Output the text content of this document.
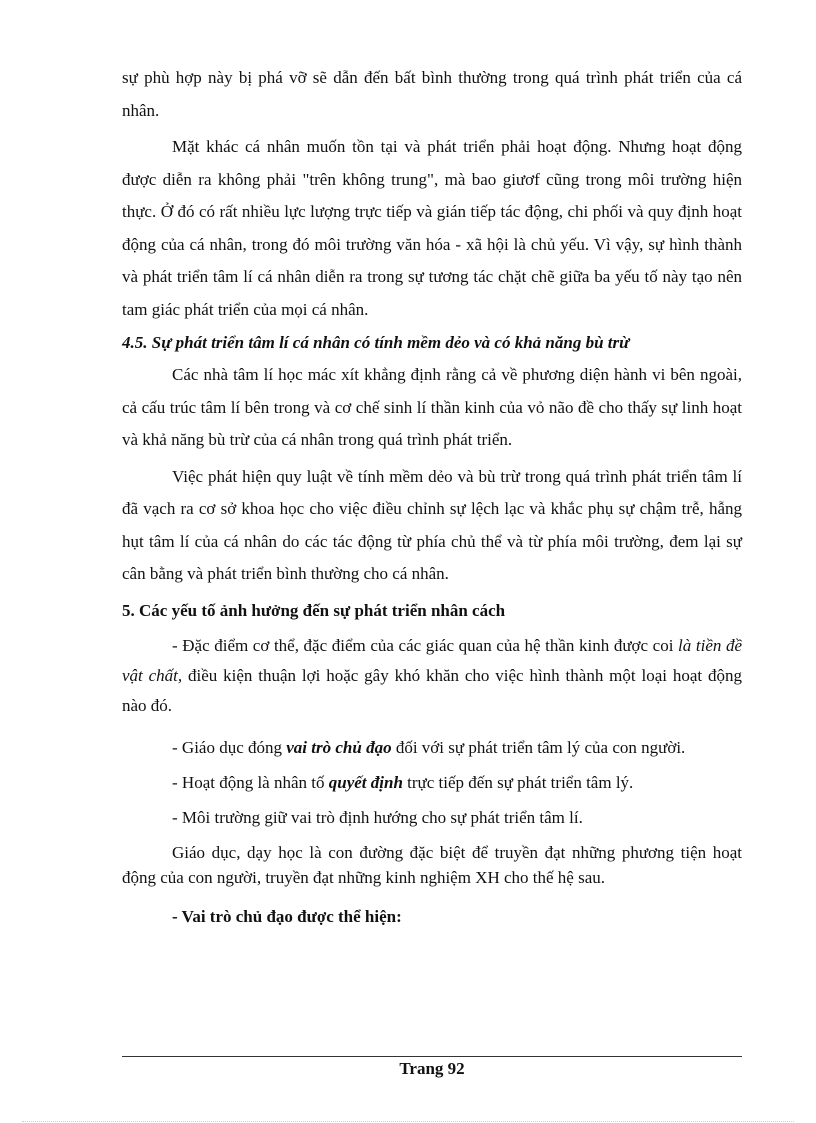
sự phù hợp này bị phá vỡ sẽ dẫn đến bất bình thường trong quá trình phát triển của cá nhân.

Mặt khác cá nhân muốn tồn tại và phát triển phải hoạt động. Nhưng hoạt động được diễn ra không phải "trên không trung", mà bao giươf cũng trong môi trường hiện thực. Ở đó có rất nhiều lực lượng trực tiếp và gián tiếp tác động, chi phối và quy định hoạt động của cá nhân, trong đó môi trường văn hóa - xã hội là chủ yếu. Vì vậy, sự hình thành và phát triển tâm lí cá nhân diễn ra trong sự tương tác chặt chẽ giữa ba yếu tố này tạo nên tam giác phát triển của mọi cá nhân.

4.5. Sự phát triển tâm lí cá nhân có tính mềm dẻo và có khả năng bù trừ

Các nhà tâm lí học mác xít khẳng định rằng cả về phương diện hành vi bên ngoài, cả cấu trúc tâm lí bên trong và cơ chế sinh lí thần kinh của vỏ não đề cho thấy sự linh hoạt và khả năng bù trừ của cá nhân trong quá trình phát triển.

Việc phát hiện quy luật về tính mềm dẻo và bù trừ trong quá trình phát triển tâm lí đã vạch ra cơ sở khoa học cho việc điều chỉnh sự lệch lạc và khắc phụ sự chậm trễ, hẫng hụt tâm lí của cá nhân do các tác động từ phía chủ thể và từ phía môi trường, đem lại sự cân bằng và phát triển bình thường cho cá nhân.

5. Các yếu tố ảnh hưởng đến sự phát triển nhân cách

- Đặc điểm cơ thể, đặc điểm của các giác quan của hệ thần kinh được coi là tiền đề vật chất, điều kiện thuận lợi hoặc gây khó khăn cho việc hình thành một loại hoạt động nào đó.

- Giáo dục đóng vai trò chủ đạo đối với sự phát triển tâm lý của con người.

- Hoạt động là nhân tố quyết định trực tiếp đến sự phát triển tâm lý.

- Môi trường giữ vai trò định hướng cho sự phát triển tâm lí.

Giáo dục, dạy học là con đường đặc biệt để truyền đạt những phương tiện hoạt động của con người, truyền đạt những kinh nghiệm XH cho thế hệ sau.

- Vai trò chủ đạo được thể hiện:

Trang 92
